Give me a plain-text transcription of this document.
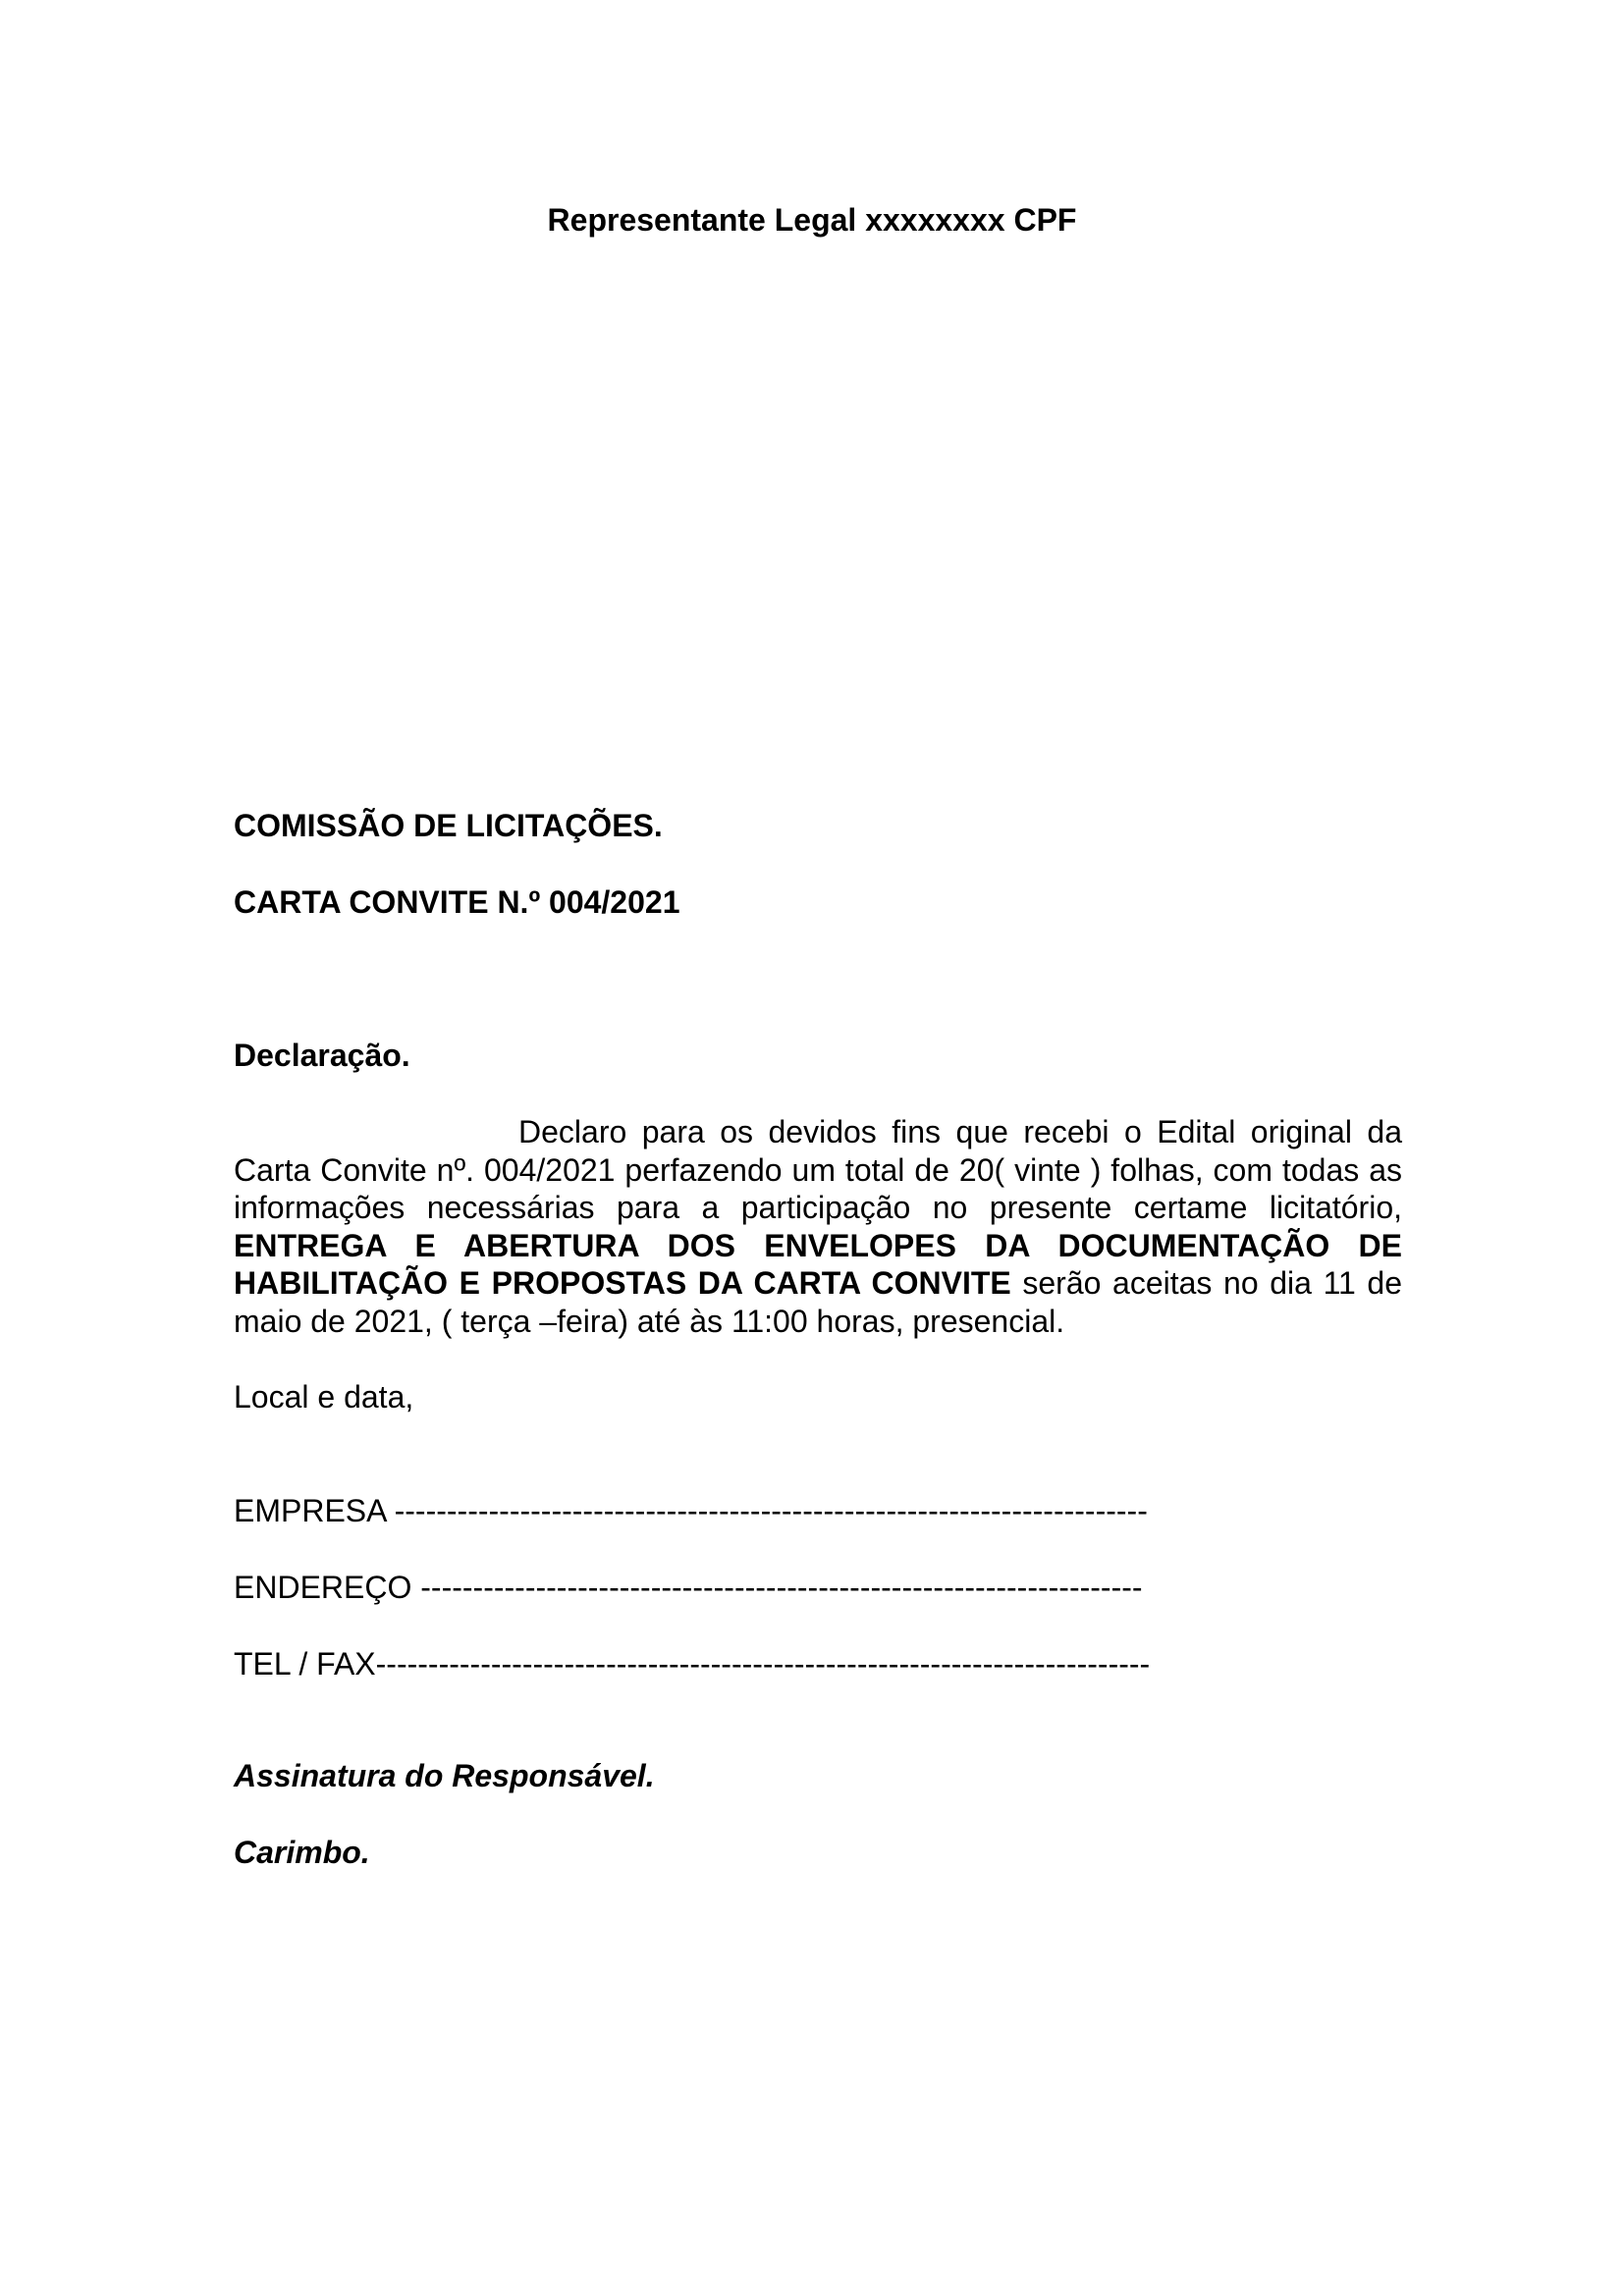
Representante Legal xxxxxxxx CPF
COMISSÃO DE LICITAÇÕES.
CARTA CONVITE N.º 004/2021
Declaração.
Declaro para os devidos fins que recebi o Edital original da Carta Convite nº. 004/2021 perfazendo um total de 20( vinte ) folhas, com todas as informações necessárias para a participação no presente certame licitatório, ENTREGA E ABERTURA DOS ENVELOPES DA DOCUMENTAÇÃO DE HABILITAÇÃO E PROPOSTAS DA CARTA CONVITE serão aceitas no dia 11 de maio de 2021, ( terça –feira) até às 11:00 horas, presencial.
Local e data,
EMPRESA ------------------------------------------------------------------------
ENDEREÇO ---------------------------------------------------------------------
TEL / FAX--------------------------------------------------------------------------
Assinatura do Responsável.
Carimbo.
